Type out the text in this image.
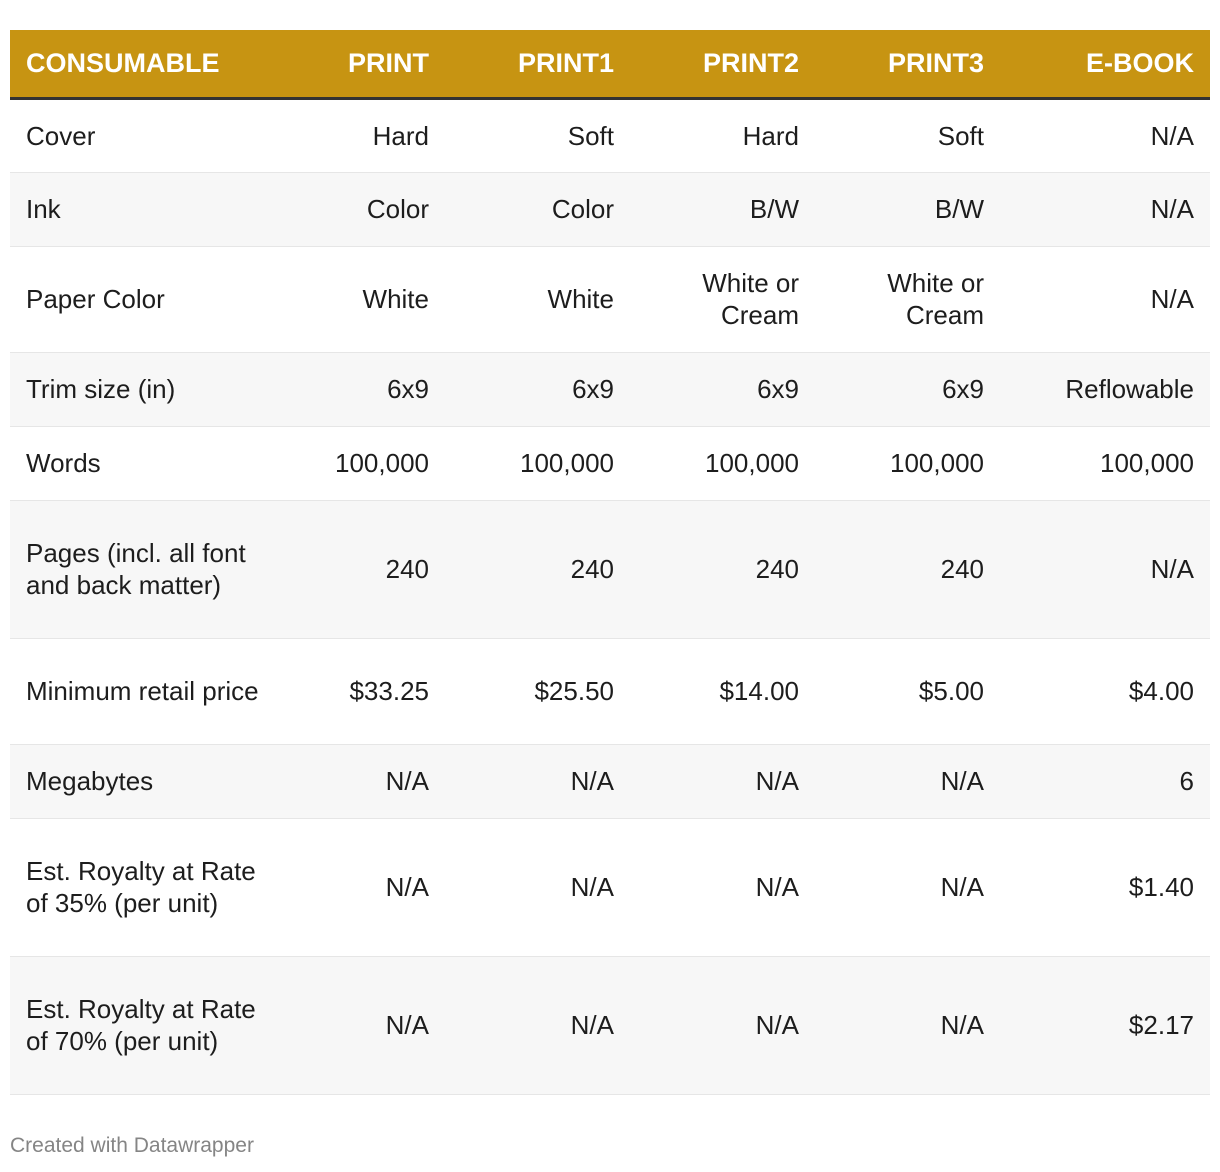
CONSUMABLE	PRINT	PRINT1	PRINT2	PRINT3	E-BOOK
Cover	Hard	Soft	Hard	Soft	N/A
Ink	Color	Color	B/W	B/W	N/A
Paper Color	White	White	White or Cream	White or Cream	N/A
Trim size (in)	6x9	6x9	6x9	6x9	Reflowable
Words	100,000	100,000	100,000	100,000	100,000
Pages (incl. all font and back matter)	240	240	240	240	N/A
Minimum retail price	$33.25	$25.50	$14.00	$5.00	$4.00
Megabytes	N/A	N/A	N/A	N/A	6
Est. Royalty at Rate of 35% (per unit)	N/A	N/A	N/A	N/A	$1.40
Est. Royalty at Rate of 70% (per unit)	N/A	N/A	N/A	N/A	$2.17
Created with Datawrapper
